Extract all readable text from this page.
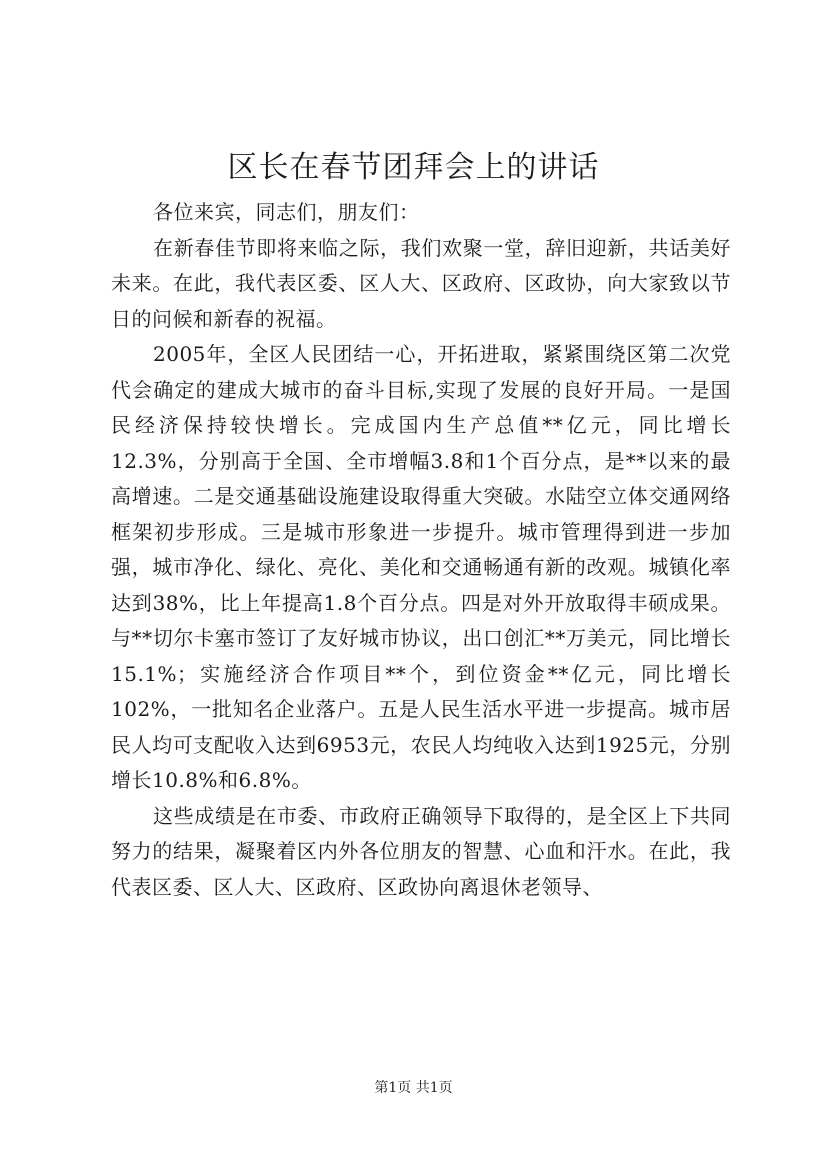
区长在春节团拜会上的讲话

各位来宾，同志们，朋友们：

在新春佳节即将来临之际，我们欢聚一堂，辞旧迎新，共话美好未来。在此，我代表区委、区人大、区政府、区政协，向大家致以节日的问候和新春的祝福。

2005年，全区人民团结一心，开拓进取，紧紧围绕区第二次党代会确定的建成大城市的奋斗目标,实现了发展的良好开局。一是国民经济保持较快增长。完成国内生产总值**亿元，同比增长12.3%，分别高于全国、全市增幅3.8和1个百分点，是**以来的最高增速。二是交通基础设施建设取得重大突破。水陆空立体交通网络框架初步形成。三是城市形象进一步提升。城市管理得到进一步加强，城市净化、绿化、亮化、美化和交通畅通有新的改观。城镇化率达到38%，比上年提高1.8个百分点。四是对外开放取得丰硕成果。与**切尔卡塞市签订了友好城市协议，出口创汇**万美元，同比增长15.1%；实施经济合作项目**个，到位资金**亿元，同比增长102%，一批知名企业落户。五是人民生活水平进一步提高。城市居民人均可支配收入达到6953元，农民人均纯收入达到1925元，分别增长10.8%和6.8%。

这些成绩是在市委、市政府正确领导下取得的，是全区上下共同努力的结果，凝聚着区内外各位朋友的智慧、心血和汗水。在此，我代表区委、区人大、区政府、区政协向离退休老领导、

第1页 共1页
